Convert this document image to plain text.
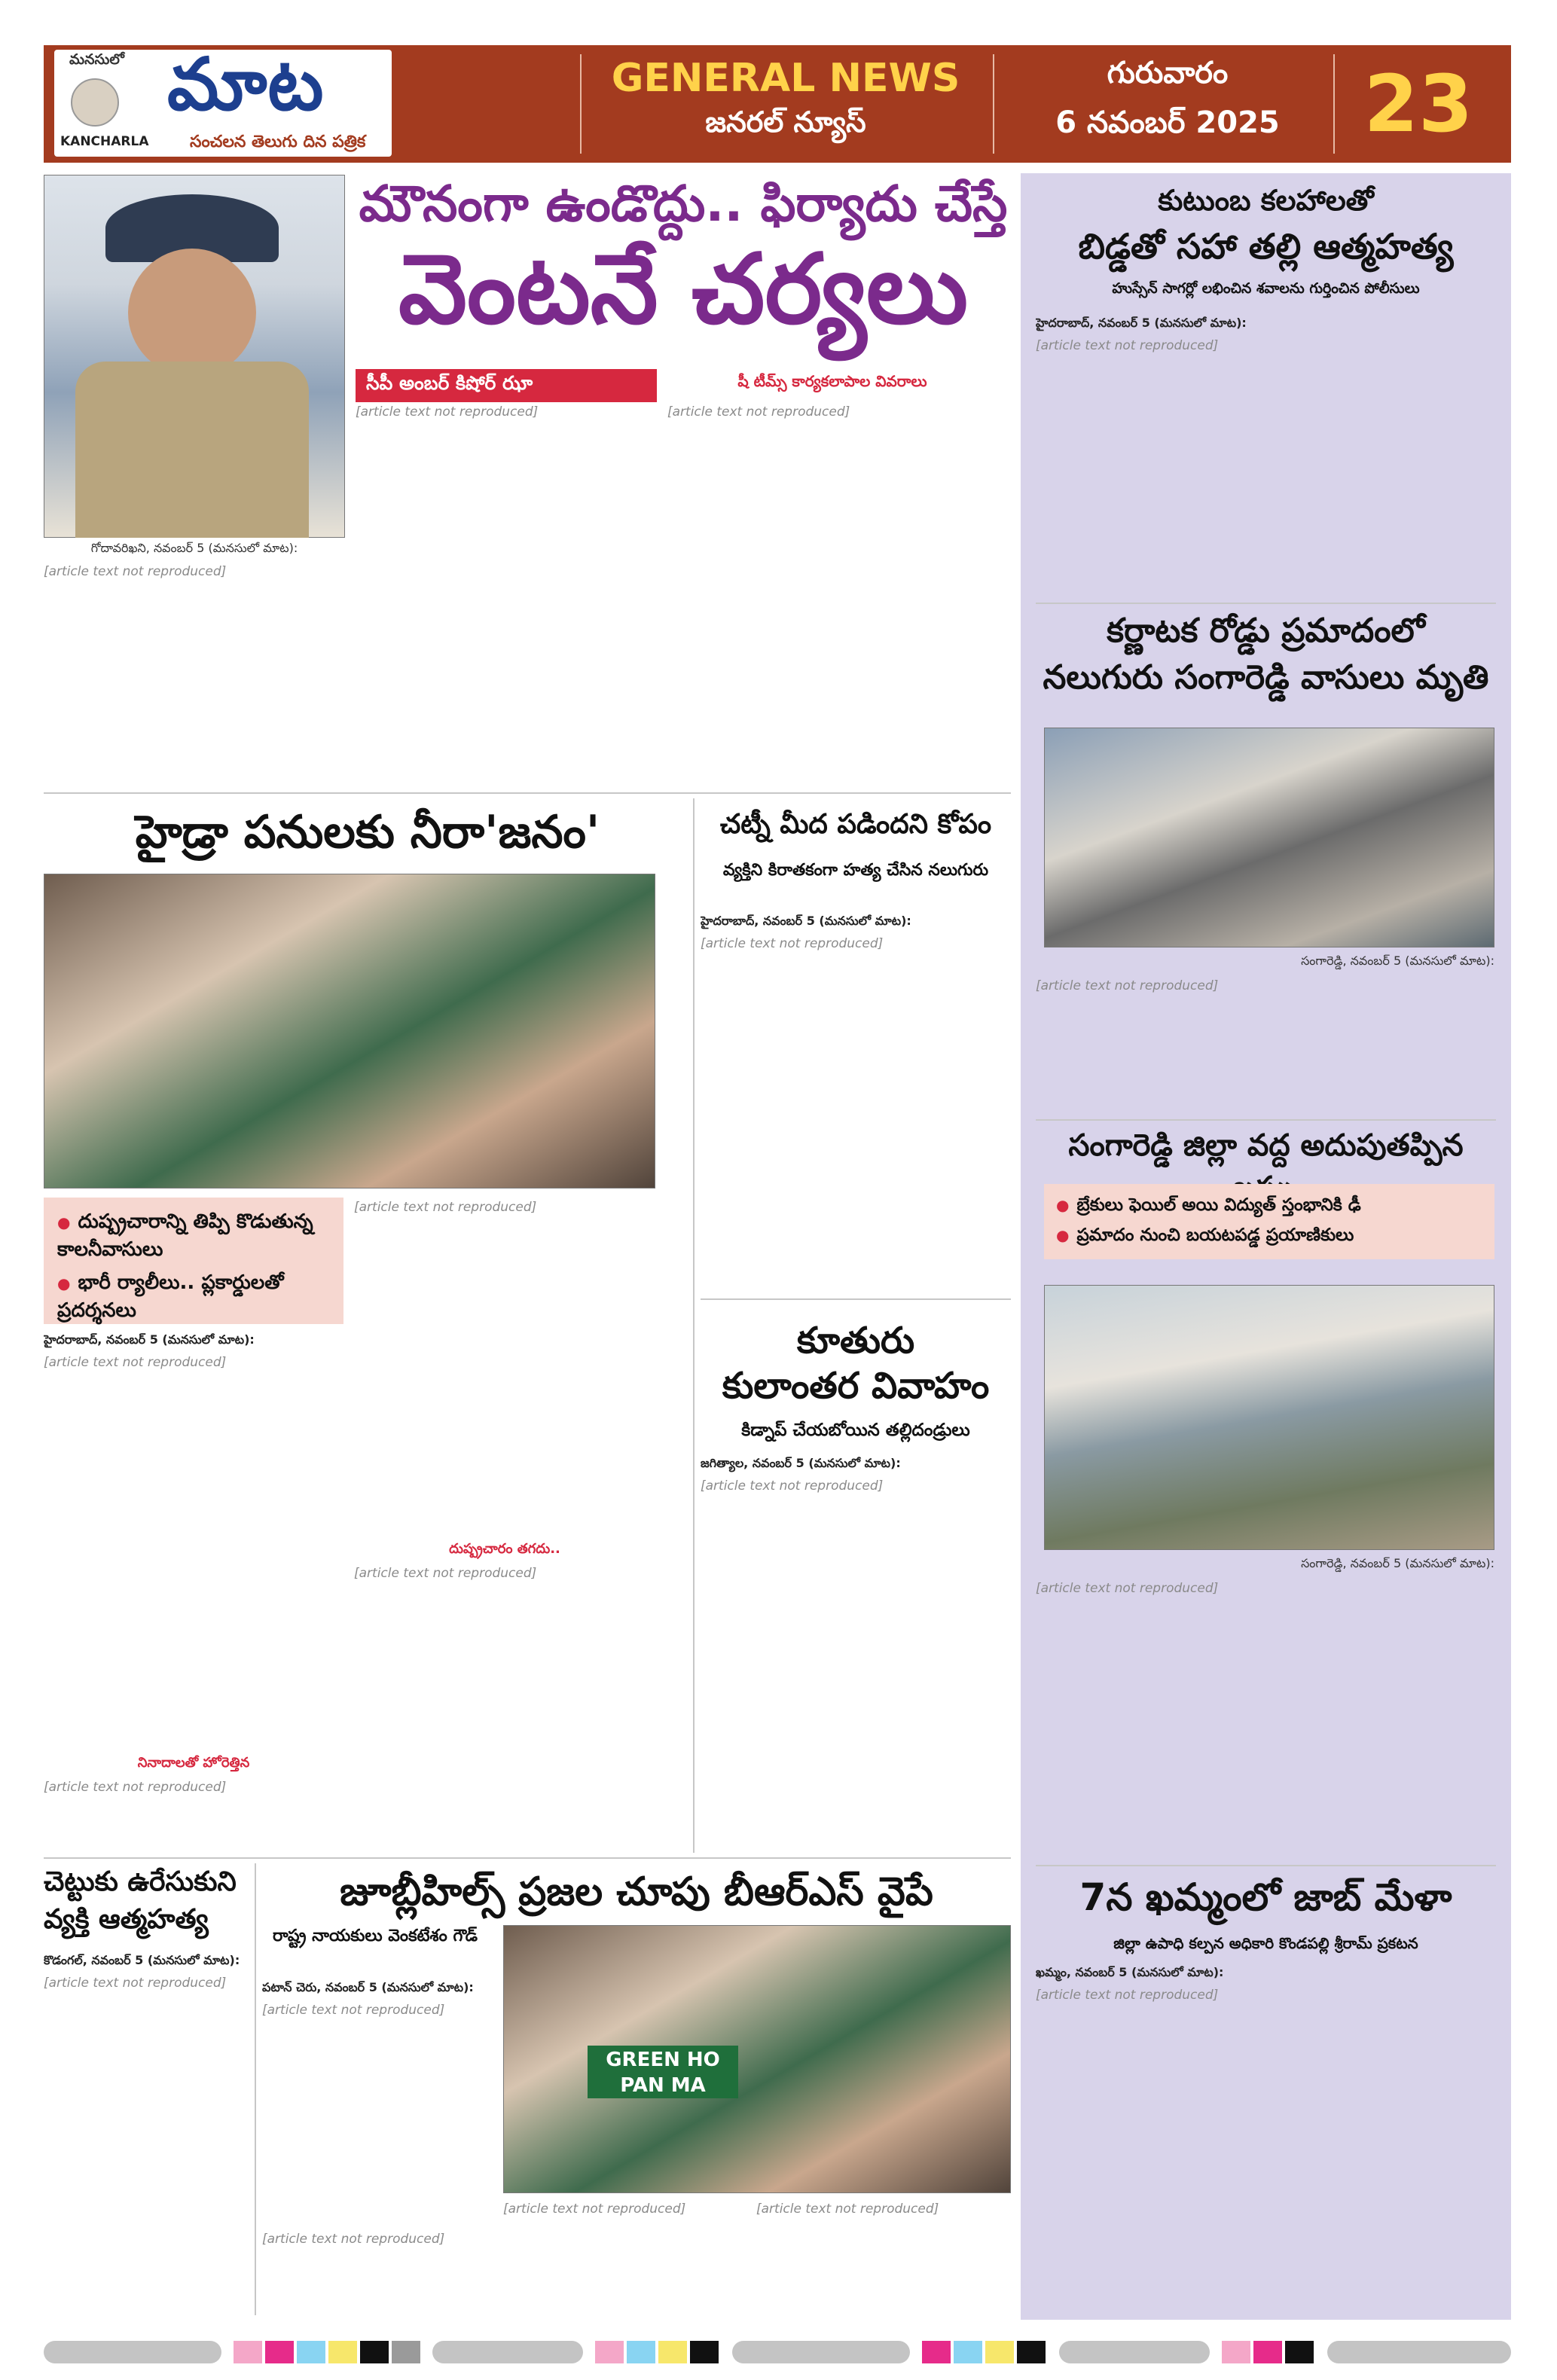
మనసులో మాట
KANCHARLA సంచలన తెలుగు దిన పత్రిక
GENERAL NEWS
జనరల్ న్యూస్
గురువారం
6 నవంబర్ 2025	23
గోదావరిఖని, నవంబర్ 5 (మనసులో మాట):
మౌనంగా ఉండొద్దు.. ఫిర్యాదు చేస్తే
వెంటనే చర్యలు
సీపీ అంబర్ కిషోర్ ఝా	షీ టీమ్స్ కార్యకలాపాల వివరాలు
[article text not reproduced]	[article text not reproduced]
[article text not reproduced]
హైడ్రా పనులకు నీరా'జనం'
● దుష్ప్రచారాన్ని తిప్పి కొడుతున్న కాలనీవాసులు
● భారీ ర్యాలీలు.. ప్లకార్డులతో ప్రదర్శనలు
హైదరాబాద్, నవంబర్ 5 (మనసులో మాట):
[article text not reproduced]
నినాదాలతో హోరెత్తిన
[article text not reproduced]
[article text not reproduced]
దుష్ప్రచారం తగదు..
[article text not reproduced]
చట్నీ మీద పడిందని కోపం
వ్యక్తిని కిరాతకంగా హత్య చేసిన నలుగురు
హైదరాబాద్, నవంబర్ 5 (మనసులో మాట):
[article text not reproduced]
కూతురు
కులాంతర వివాహం
కిడ్నాప్ చేయబోయిన తల్లిదండ్రులు
జగిత్యాల, నవంబర్ 5 (మనసులో మాట):
[article text not reproduced]
చెట్టుకు ఉరేసుకుని వ్యక్తి ఆత్మహత్య
కొడంగల్, నవంబర్ 5 (మనసులో మాట):
[article text not reproduced]
జూబ్లీహిల్స్ ప్రజల చూపు బీఆర్ఎస్ వైపే
రాష్ట్ర నాయకులు వెంకటేశం గౌడ్
పటాన్ చెరు, నవంబర్ 5 (మనసులో మాట):
[article text not reproduced]
GREEN HO PAN MA
[article text not reproduced]
[article text not reproduced]	[article text not reproduced]
కుటుంబ కలహాలతో
బిడ్డతో సహా తల్లి ఆత్మహత్య
హుస్సేన్ సాగర్లో లభించిన శవాలను గుర్తించిన పోలీసులు
హైదరాబాద్, నవంబర్ 5 (మనసులో మాట):
[article text not reproduced]
కర్ణాటక రోడ్డు ప్రమాదంలో
నలుగురు సంగారెడ్డి వాసులు మృతి
సంగారెడ్డి, నవంబర్ 5 (మనసులో మాట):
[article text not reproduced]
సంగారెడ్డి జిల్లా వద్ద అదుపుతప్పిన
● బ్రేకులు ఫెయిల్ అయి విద్యుత్ స్తంభానికి ఢీ
● ప్రమాదం నుంచి బయటపడ్డ ప్రయాణికులు
సంగారెడ్డి, నవంబర్ 5 (మనసులో మాట):
[article text not reproduced]
7న ఖమ్మంలో జాబ్ మేళా
జిల్లా ఉపాధి కల్పన అధికారి కొండపల్లి శ్రీరామ్ ప్రకటన
ఖమ్మం, నవంబర్ 5 (మనసులో మాట):
[article text not reproduced]
